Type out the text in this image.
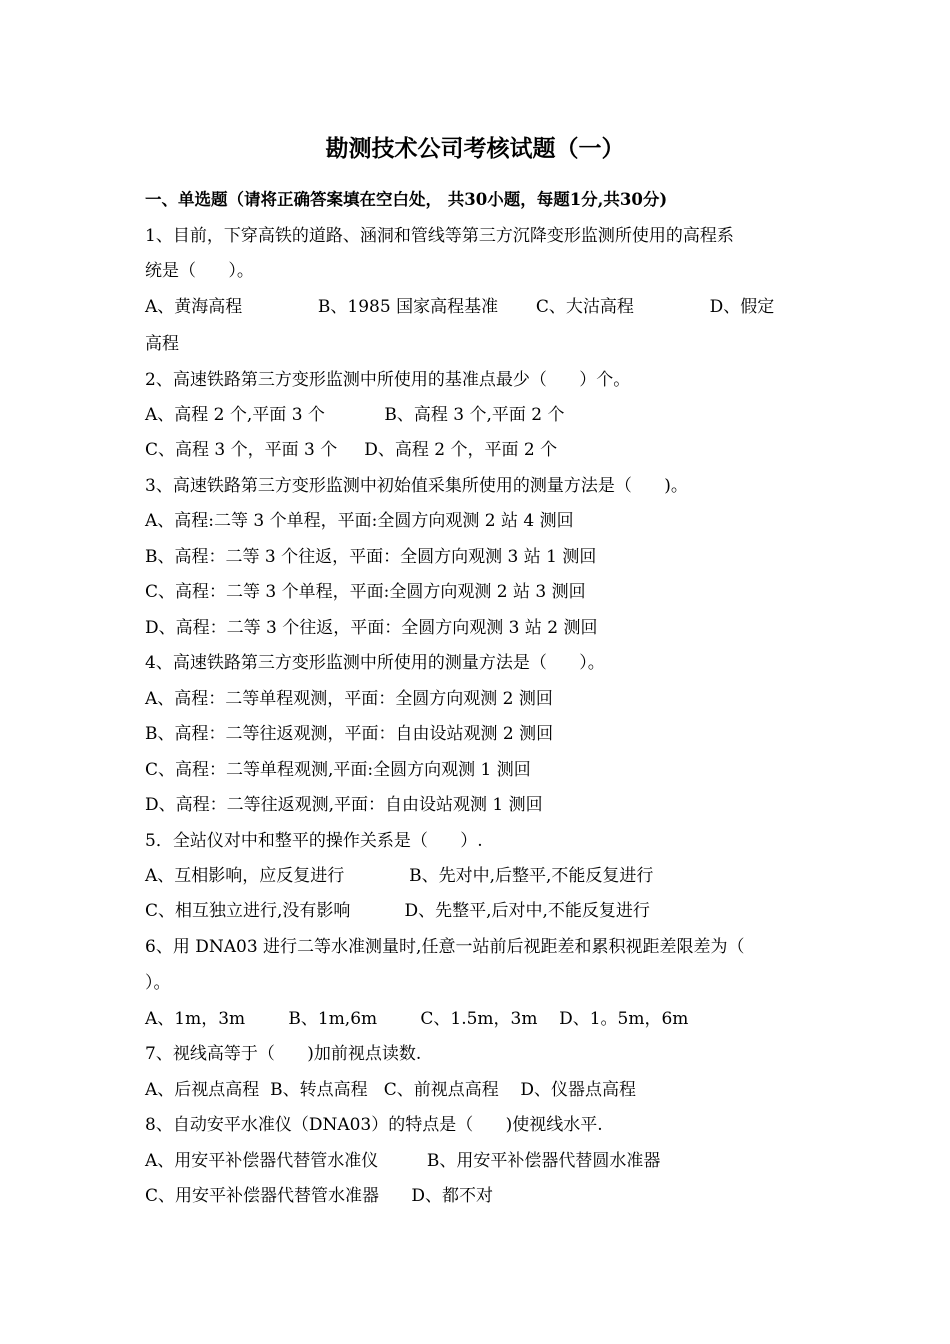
勘测技术公司考核试题（一）
一、单选题（请将正确答案填在空白处， 共30小题，每题1分,共30分)
1、目前，下穿高铁的道路、涵洞和管线等第三方沉降变形监测所使用的高程系
统是（      ）。
A、黄海高程              B、1985 国家高程基准       C、大沽高程              D、假定
高程
2、高速铁路第三方变形监测中所使用的基准点最少（      ）个。
A、高程 2 个,平面 3 个           B、高程 3 个,平面 2 个
C、高程 3 个，平面 3 个     D、高程 2 个，平面 2 个
3、高速铁路第三方变形监测中初始值采集所使用的测量方法是（      )。
A、高程:二等 3 个单程，平面:全圆方向观测 2 站 4 测回
B、高程：二等 3 个往返，平面：全圆方向观测 3 站 1 测回
C、高程：二等 3 个单程，平面:全圆方向观测 2 站 3 测回
D、高程：二等 3 个往返，平面：全圆方向观测 3 站 2 测回
4、高速铁路第三方变形监测中所使用的测量方法是（      ）。
A、高程：二等单程观测，平面：全圆方向观测 2 测回
B、高程：二等往返观测，平面：自由设站观测 2 测回
C、高程：二等单程观测,平面:全圆方向观测 1 测回
D、高程：二等往返观测,平面：自由设站观测 1 测回
5．全站仪对中和整平的操作关系是（      ）.
A、互相影响，应反复进行            B、先对中,后整平,不能反复进行
C、相互独立进行,没有影响          D、先整平,后对中,不能反复进行
6、用 DNA03 进行二等水准测量时,任意一站前后视距差和累积视距差限差为（
）。
A、1m，3m        B、1m,6m        C、1.5m，3m    D、1。5m，6m
7、视线高等于（      )加前视点读数.
A、后视点高程  B、转点高程   C、前视点高程    D、仪器点高程
8、自动安平水准仪（DNA03）的特点是（      )使视线水平.
A、用安平补偿器代替管水准仪         B、用安平补偿器代替圆水准器
C、用安平补偿器代替管水准器      D、都不对
